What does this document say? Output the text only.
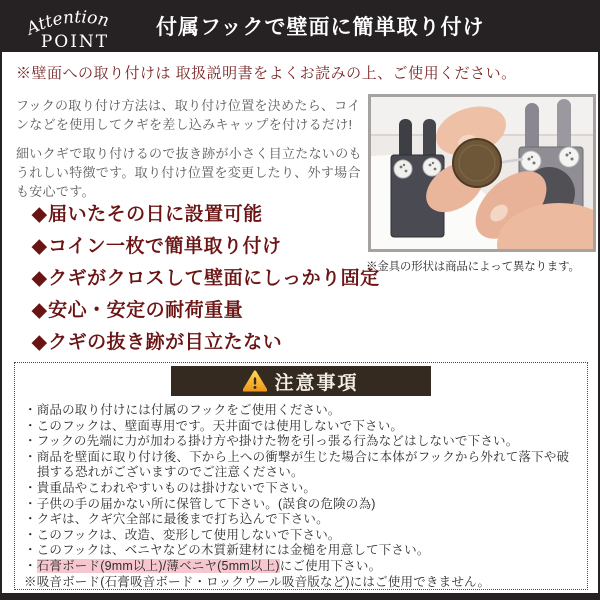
Attention
POINT
付属フックで壁面に簡単取り付け
※壁面への取り付けは 取扱説明書をよくお読みの上、ご使用ください。
フックの取り付け方法は、取り付け位置を決めたら、コインなどを使用してクギを差し込みキャップを付けるだけ!
細いクギで取り付けるので抜き跡が小さく目立たないのもうれしい特徴です。取り付け位置を変更したり、外す場合も安心です。
※金具の形状は商品によって異なります。
◆届いたその日に設置可能
◆コイン一枚で簡単取り付け
◆クギがクロスして壁面にしっかり固定
◆安心・安定の耐荷重量
◆クギの抜き跡が目立たない
注意事項
・商品の取り付けには付属のフックをご使用ください。
・このフックは、壁面専用です。天井面では使用しないで下さい。
・フックの先端に力が加わる掛け方や掛けた物を引っ張る行為などはしないで下さい。
・商品を壁面に取り付け後、下から上への衝撃が生じた場合に本体がフックから外れて落下や破損する恐れがございますのでご注意ください。
・貴重品やこわれやすいものは掛けないで下さい。
・子供の手の届かない所に保管して下さい。(誤食の危険の為)
・クギは、クギ穴全部に最後まで打ち込んで下さい。
・このフックは、改造、変形して使用しないで下さい。
・このフックは、ベニヤなどの木質新建材には金槌を用意して下さい。
・石膏ボード(9mm以上)/薄ベニヤ(5mm以上)にご使用下さい。
※吸音ボード(石膏吸音ボード・ロックウール吸音版など)にはご使用できません。
